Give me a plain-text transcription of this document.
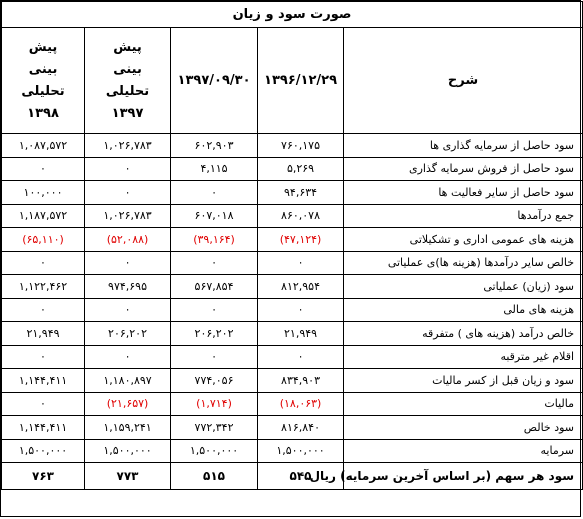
صورت سود و زیان				
شرح	۱۳۹۶/۱۲/۲۹	۱۳۹۷/۰۹/۳۰	پیش بینی تحلیلی ۱۳۹۷	پیش بینی تحلیلی ۱۳۹۸

سود حاصل از سرمایه گذاری ها	۷۶۰,۱۷۵	۶۰۲,۹۰۳	۱,۰۲۶,۷۸۳	۱,۰۸۷,۵۷۲
سود حاصل از فروش سرمایه گذاری	۵,۲۶۹	۴,۱۱۵	۰	۰
سود حاصل از سایر فعالیت ها	۹۴,۶۳۴	۰	۰	۱۰۰,۰۰۰
جمع درآمدها	۸۶۰,۰۷۸	۶۰۷,۰۱۸	۱,۰۲۶,۷۸۳	۱,۱۸۷,۵۷۲
هزینه های عمومی اداری و تشکیلاتی	(۴۷,۱۲۴)	(۳۹,۱۶۴)	(۵۲,۰۸۸)	(۶۵,۱۱۰)
خالص سایر درآمدها (هزینه ها)ی عملیاتی	۰	۰	۰	۰
سود (زیان) عملیاتی	۸۱۲,۹۵۴	۵۶۷,۸۵۴	۹۷۴,۶۹۵	۱,۱۲۲,۴۶۲
هزینه های مالی	۰	۰	۰	۰
خالص درآمد (هزینه های ) متفرقه	۲۱,۹۴۹	۲۰۶,۲۰۲	۲۰۶,۲۰۲	۲۱,۹۴۹
اقلام غیر مترقبه	۰	۰	۰	۰
سود و زیان قبل از کسر مالیات	۸۳۴,۹۰۳	۷۷۴,۰۵۶	۱,۱۸۰,۸۹۷	۱,۱۴۴,۴۱۱
مالیات	(۱۸,۰۶۳)	(۱,۷۱۴)	(۲۱,۶۵۷)	۰
سود خالص	۸۱۶,۸۴۰	۷۷۲,۳۴۲	۱,۱۵۹,۲۴۱	۱,۱۴۴,۴۱۱
سرمایه	۱,۵۰۰,۰۰۰	۱,۵۰۰,۰۰۰	۱,۵۰۰,۰۰۰	۱,۵۰۰,۰۰۰
سود هر سهم (بر اساس آخرین سرمایه) ریال	۵۴۵	۵۱۵	۷۷۳	۷۶۳
